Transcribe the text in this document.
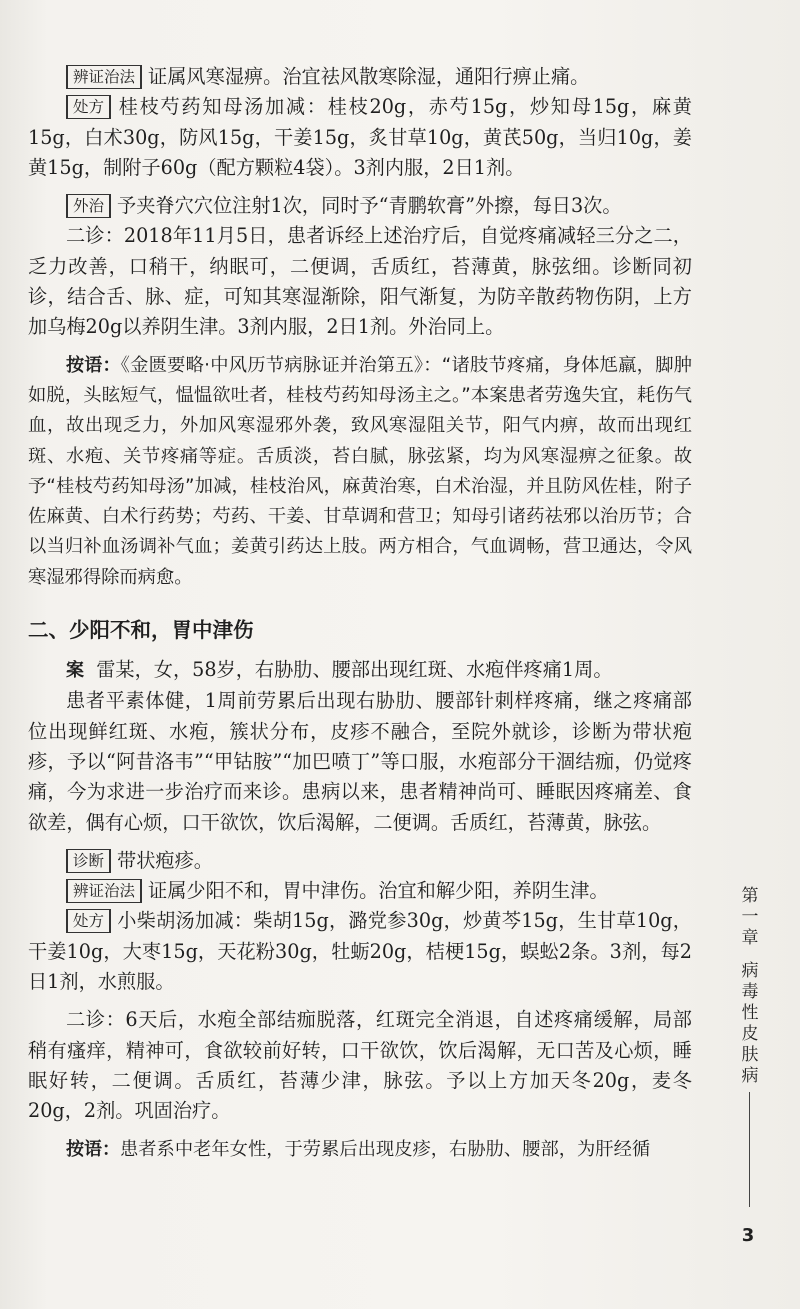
辨证治法 证属风寒湿痹。治宜祛风散寒除湿，通阳行痹止痛。

处方 桂枝芍药知母汤加减：桂枝20g，赤芍15g，炒知母15g，麻黄15g，白术30g，防风15g，干姜15g，炙甘草10g，黄芪50g，当归10g，姜黄15g，制附子60g（配方颗粒4袋）。3剂内服，2日1剂。

外治 予夹脊穴穴位注射1次，同时予“青鹏软膏”外擦，每日3次。

二诊：2018年11月5日，患者诉经上述治疗后，自觉疼痛减轻三分之二，乏力改善，口稍干，纳眠可，二便调，舌质红，苔薄黄，脉弦细。诊断同初诊，结合舌、脉、症，可知其寒湿渐除，阳气渐复，为防辛散药物伤阴，上方加乌梅20g以养阴生津。3剂内服，2日1剂。外治同上。

按语：《金匮要略·中风历节病脉证并治第五》：“诸肢节疼痛，身体尪羸，脚肿如脱，头眩短气，愠愠欲吐者，桂枝芍药知母汤主之。”本案患者劳逸失宜，耗伤气血，故出现乏力，外加风寒湿邪外袭，致风寒湿阻关节，阳气内痹，故而出现红斑、水疱、关节疼痛等症。舌质淡，苔白腻，脉弦紧，均为风寒湿痹之征象。故予“桂枝芍药知母汤”加减，桂枝治风，麻黄治寒，白术治湿，并且防风佐桂，附子佐麻黄、白术行药势；芍药、干姜、甘草调和营卫；知母引诸药祛邪以治历节；合以当归补血汤调补气血；姜黄引药达上肢。两方相合，气血调畅，营卫通达，令风寒湿邪得除而病愈。

二、少阳不和，胃中津伤

案 雷某，女，58岁，右胁肋、腰部出现红斑、水疱伴疼痛1周。

患者平素体健，1周前劳累后出现右胁肋、腰部针刺样疼痛，继之疼痛部位出现鲜红斑、水疱，簇状分布，皮疹不融合，至院外就诊，诊断为带状疱疹，予以“阿昔洛韦”“甲钴胺”“加巴喷丁”等口服，水疱部分干涸结痂，仍觉疼痛，今为求进一步治疗而来诊。患病以来，患者精神尚可、睡眠因疼痛差、食欲差，偶有心烦，口干欲饮，饮后渴解，二便调。舌质红，苔薄黄，脉弦。

诊断 带状疱疹。

辨证治法 证属少阳不和，胃中津伤。治宜和解少阳，养阴生津。

处方 小柴胡汤加减：柴胡15g，潞党参30g，炒黄芩15g，生甘草10g，干姜10g，大枣15g，天花粉30g，牡蛎20g，桔梗15g，蜈蚣2条。3剂，每2日1剂，水煎服。

二诊：6天后，水疱全部结痂脱落，红斑完全消退，自述疼痛缓解，局部稍有瘙痒，精神可，食欲较前好转，口干欲饮，饮后渴解，无口苦及心烦，睡眠好转，二便调。舌质红，苔薄少津，脉弦。予以上方加天冬20g，麦冬20g，2剂。巩固治疗。

按语：患者系中老年女性，于劳累后出现皮疹，右胁肋、腰部，为肝经循

第
一
章
病
毒
性
皮
肤
病
3
